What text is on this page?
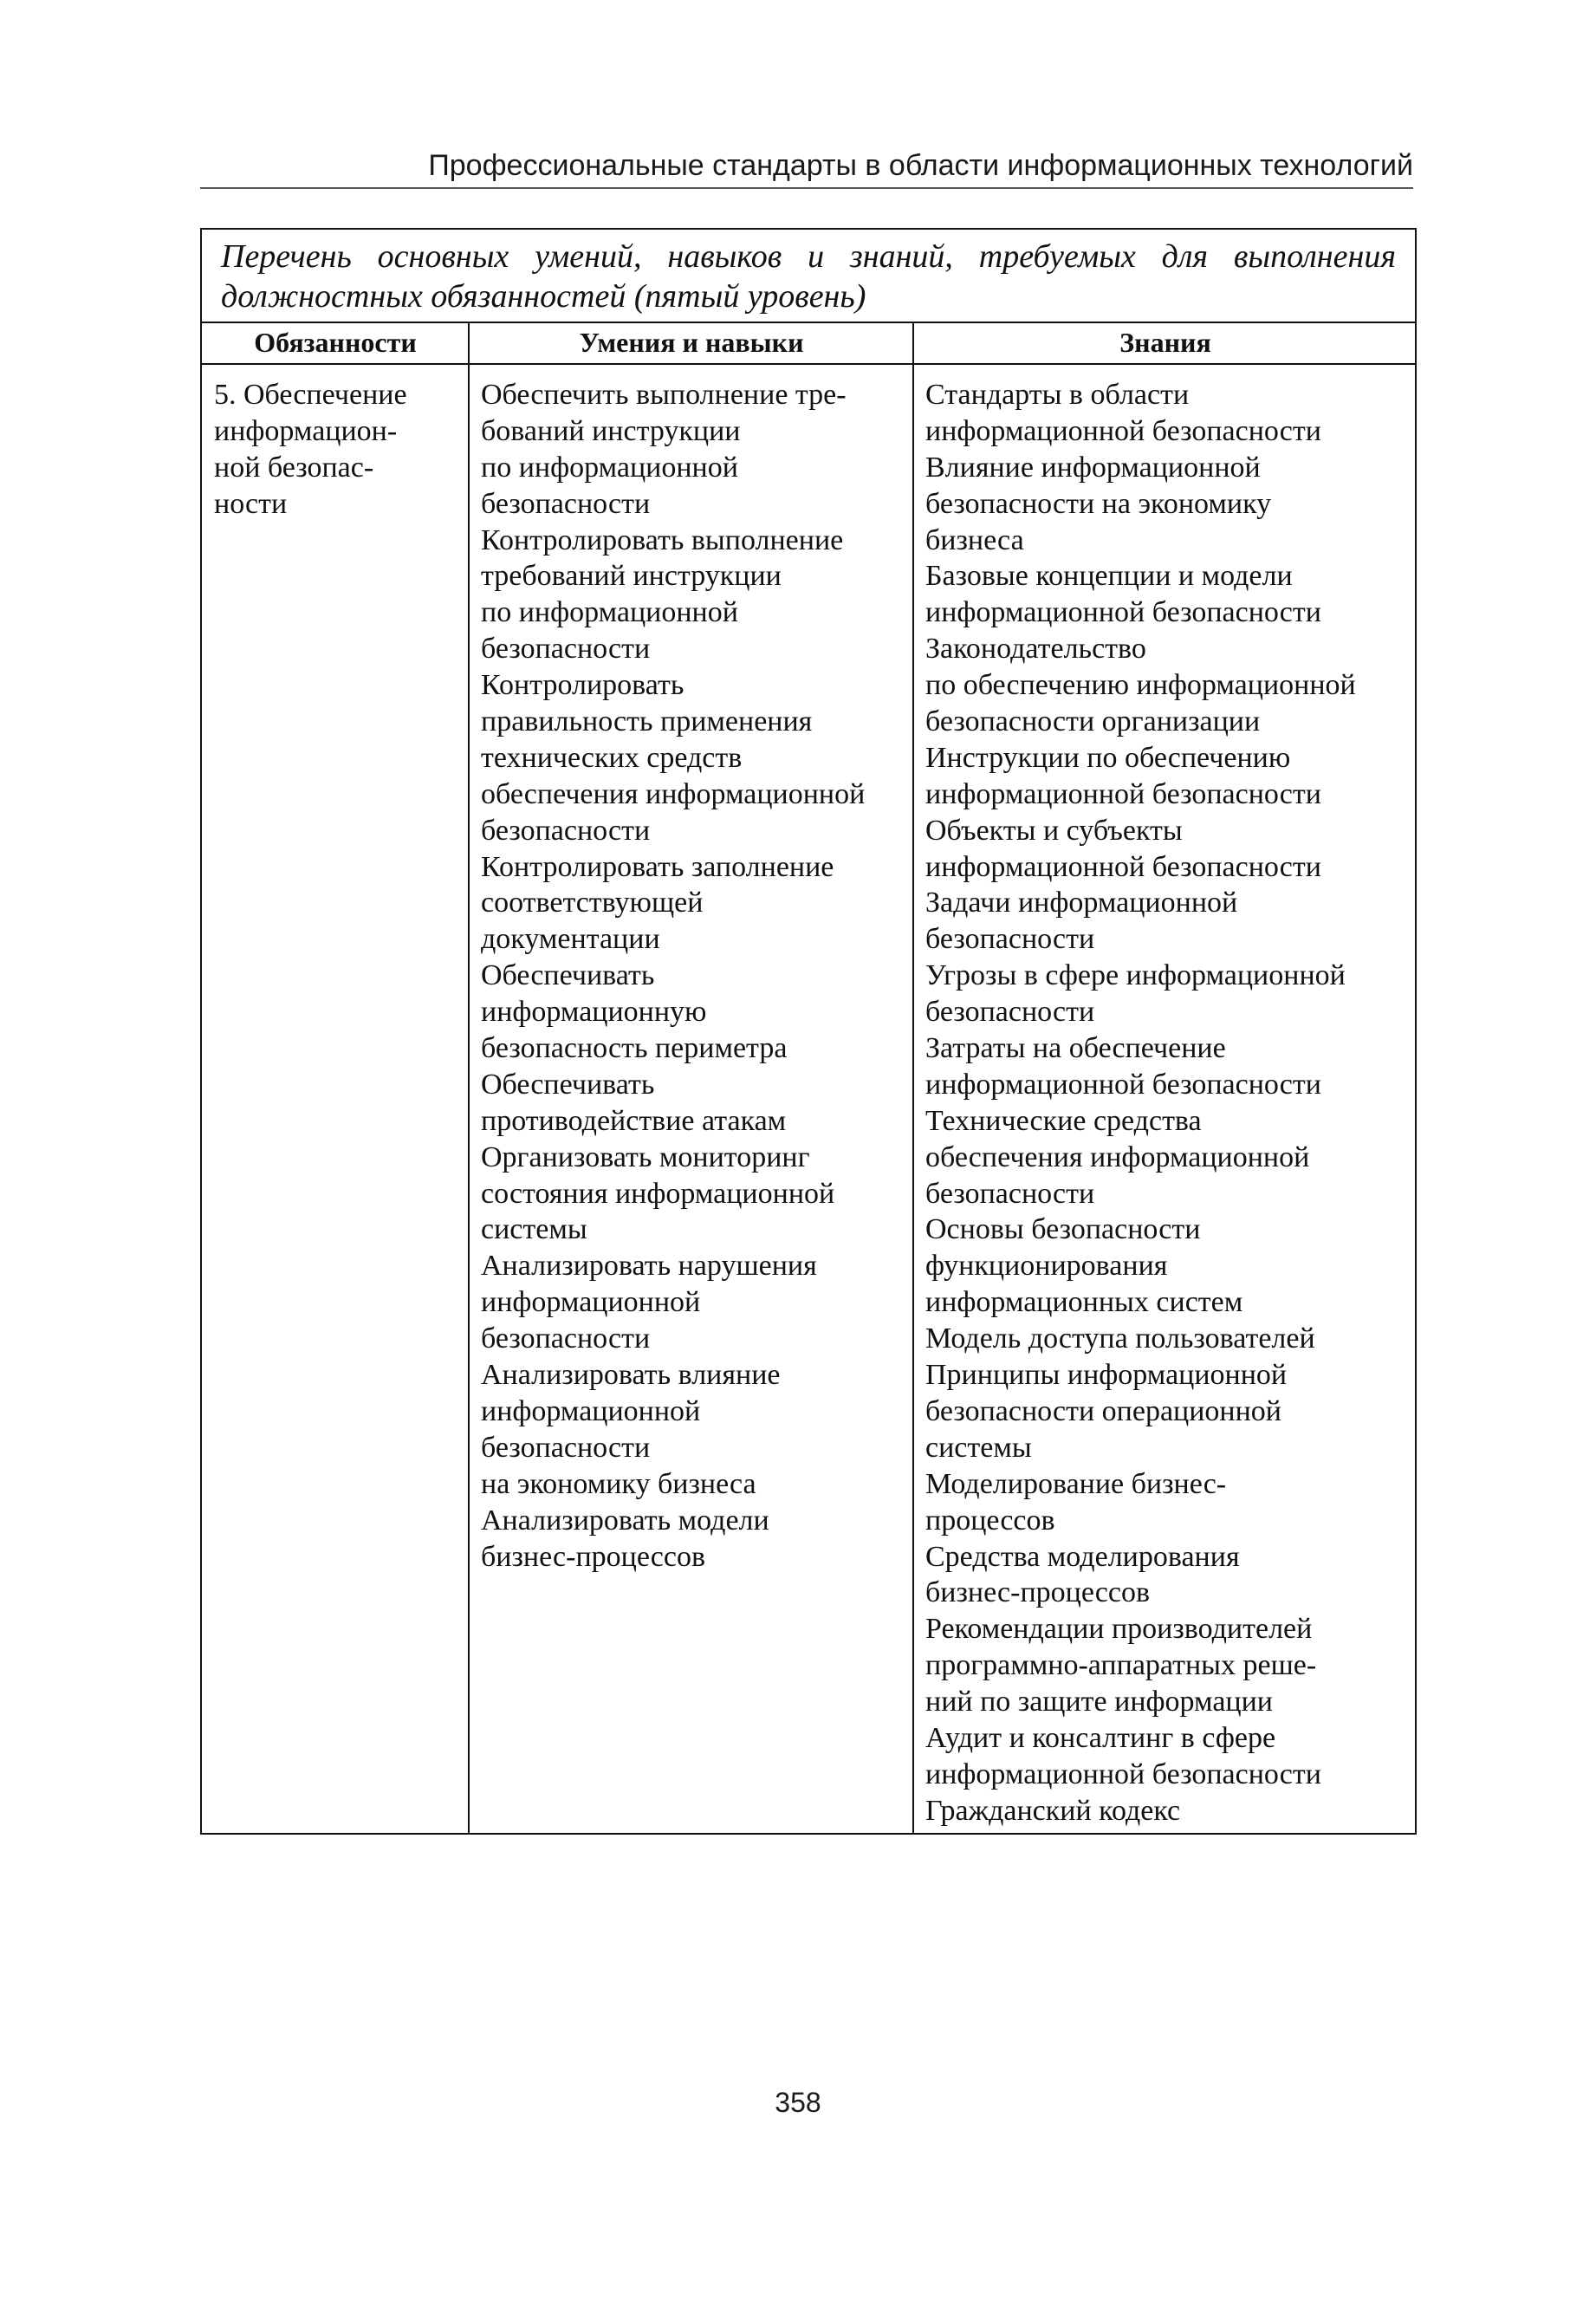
Профессиональные стандарты в области информационных технологий
Перечень основных умений, навыков и знаний, требуемых для выполнения должностных обязанностей (пятый уровень)
Обязанности	Умения и навыки	Знания
5. Обеспечение
информацион-
ной безопас-
ности
Обеспечить выполнение тре-
бований инструкции
по информационной
безопасности
Контролировать выполнение
требований инструкции
по информационной
безопасности
Контролировать
правильность применения
технических средств
обеспечения информационной
безопасности
Контролировать заполнение
соответствующей
документации
Обеспечивать
информационную
безопасность периметра
Обеспечивать
противодействие атакам
Организовать мониторинг
состояния информационной
системы
Анализировать нарушения
информационной
безопасности
Анализировать влияние
информационной
безопасности
на экономику бизнеса
Анализировать модели
бизнес-процессов
Стандарты в области
информационной безопасности
Влияние информационной
безопасности на экономику
бизнеса
Базовые концепции и модели
информационной безопасности
Законодательство
по обеспечению информационной
безопасности организации
Инструкции по обеспечению
информационной безопасности
Объекты и субъекты
информационной безопасности
Задачи информационной
безопасности
Угрозы в сфере информационной
безопасности
Затраты на обеспечение
информационной безопасности
Технические средства
обеспечения информационной
безопасности
Основы безопасности
функционирования
информационных систем
Модель доступа пользователей
Принципы информационной
безопасности операционной
системы
Моделирование бизнес-
процессов
Средства моделирования
бизнес-процессов
Рекомендации производителей
программно-аппаратных реше-
ний по защите информации
Аудит и консалтинг в сфере
информационной безопасности
Гражданский кодекс
358
